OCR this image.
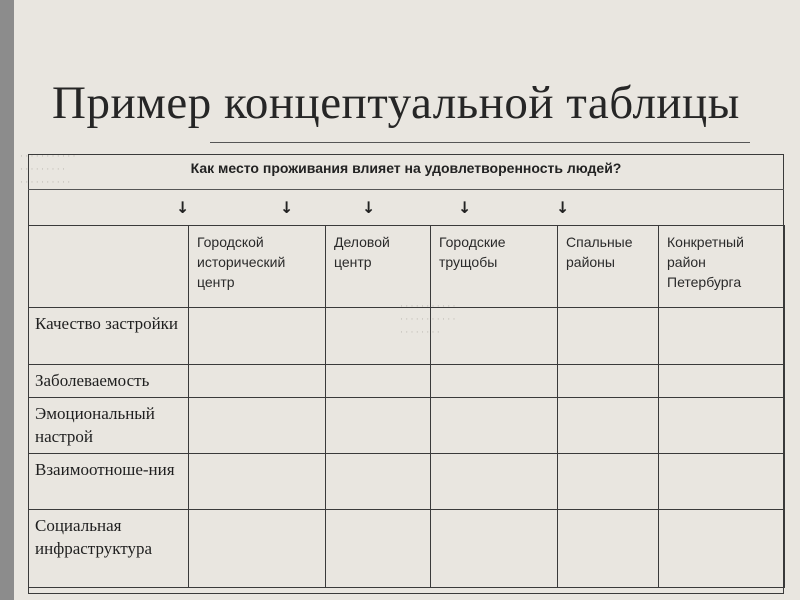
· · · · · · · · · · ·
· · · · · · · · ·
· · · · · · · · · ·
· · · · · · · · · · ·
· · · · · · · · · · ·
· · · · · · · ·
Пример концептуальной таблицы
Как место проживания влияет на удовлетворенность людей?
↓	↓	↓	↓	↓
	Городской исторический центр	Деловой центр	Городские трущобы	Спальные районы	Конкретный район Петербурга
Качество застройки					
Заболеваемость					
Эмоциональный настрой					
Взаимоотноше-ния					
Социальная инфраструктура					
